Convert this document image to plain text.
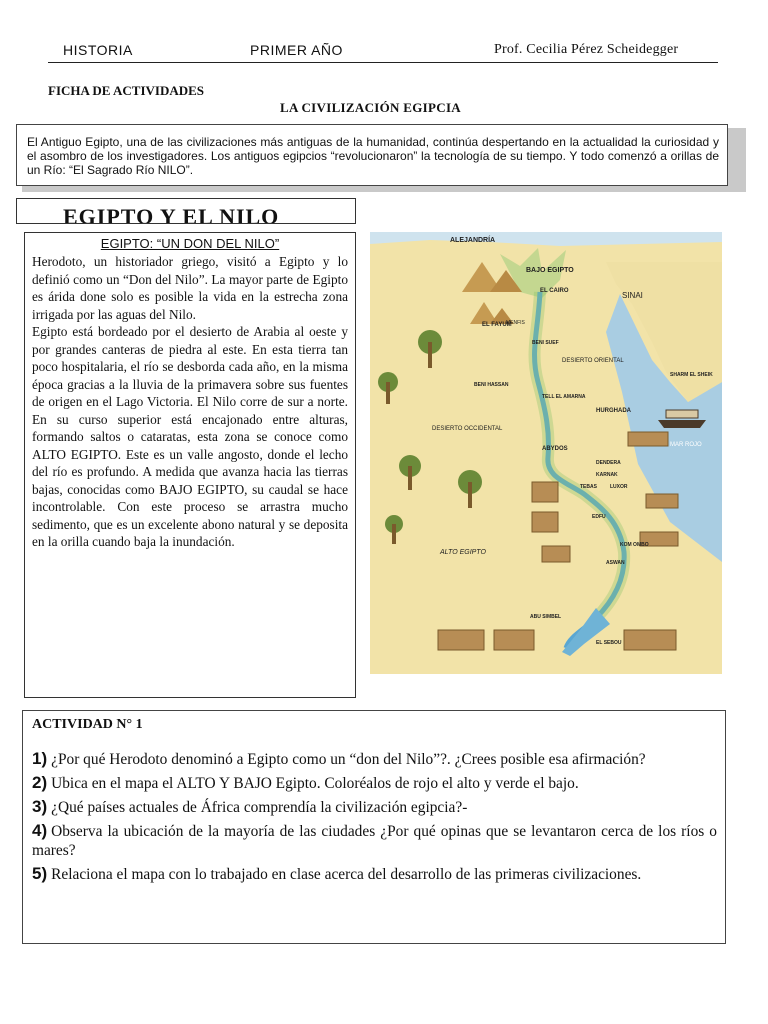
HISTORIA	PRIMER AÑO	Prof. Cecilia Pérez Scheidegger
FICHA DE ACTIVIDADES
LA CIVILIZACIÓN EGIPCIA
El Antiguo Egipto, una de las civilizaciones más antiguas de la humanidad, continúa despertando en la actualidad la curiosidad y el asombro de los investigadores. Los antiguos egipcios “revolucionaron” la tecnología de su tiempo. Y todo comenzó a orillas de un Río: “El Sagrado Río NILO”.
EGIPTO Y EL NILO
EGIPTO: “UN DON DEL NILO”
Herodoto, un historiador griego, visitó a Egipto y lo definió como un “Don del Nilo”. La mayor parte de Egipto es árida done solo es posible la vida en la estrecha zona irrigada por las aguas del Nilo.
Egipto está bordeado por el desierto de Arabia al oeste y por grandes canteras de piedra al este. En esta tierra tan poco hospitalaria, el río se desborda cada año, en la misma época gracias a la lluvia de la primavera sobre sus fuentes de origen en el Lago Victoria. El Nilo corre de sur a norte. En su curso superior está encajonado entre alturas, formando saltos o cataratas, esta zona se conoce como ALTO EGIPTO. Este es un valle angosto, donde el lecho del río es profundo. A medida que avanza hacia las tierras bajas, conocidas como BAJO EGIPTO, su caudal se hace incontrolable. Con este proceso se arrastra mucho sedimento, que es un excelente abono natural y se deposita en la orilla cuando baja la inundación.
ALEJANDRÍA
BAJO EGIPTO
SINAI
EL CAIRO
MENFIS
EL FAYUM
BENI SUEF
DESIERTO ORIENTAL
BENI HASSAN
TELL EL AMARNA
HURGHADA
SHARM EL SHEIK
DESIERTO OCCIDENTAL
MAR ROJO
ABYDOS
DENDERA
KARNAK
TEBAS	LUXOR
EDFU
ALTO EGIPTO
KOM OMBO
ASWAN
ABU SIMBEL
EL SEBOU
ACTIVIDAD N° 1
1) ¿Por qué Herodoto denominó a Egipto como un “don del Nilo”?. ¿Crees posible esa afirmación?
2) Ubica en el mapa el ALTO Y BAJO Egipto. Coloréalos de rojo el alto y verde el bajo.
3) ¿Qué países actuales de África comprendía la civilización egipcia?-
4) Observa la ubicación de la mayoría de las ciudades ¿Por qué opinas que se levantaron cerca de los ríos o mares?
5) Relaciona el mapa con lo trabajado en clase acerca del desarrollo de las primeras civilizaciones.
